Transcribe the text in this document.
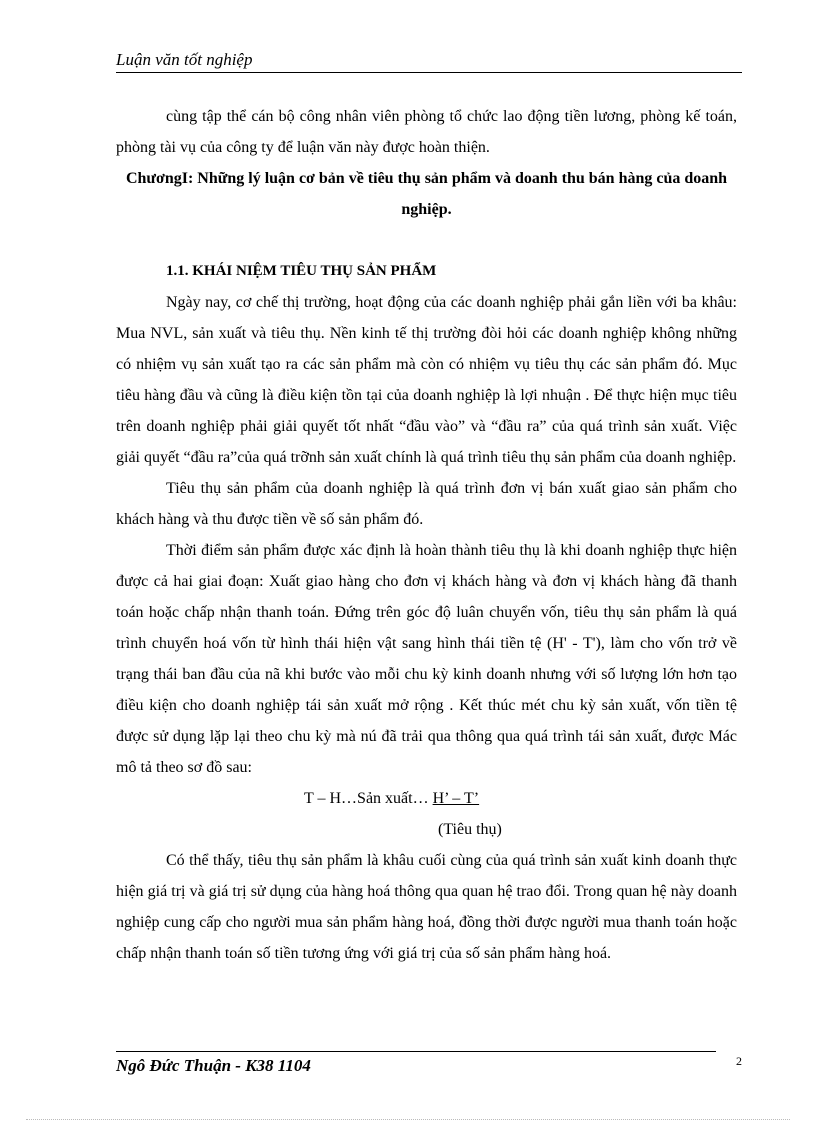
Luận văn tốt nghiệp

cùng tập thể cán bộ công nhân viên phòng tổ chức lao động tiền lương, phòng kế toán, phòng tài vụ của công ty để luận văn này được hoàn thiện.

ChươngI: Những lý luận cơ bản về tiêu thụ sản phẩm và doanh thu bán hàng của doanh nghiệp.

1.1. KHÁI NIỆM TIÊU THỤ SẢN PHẨM

Ngày nay, cơ chế thị trường, hoạt động của các doanh nghiệp phải gắn liền với ba khâu: Mua NVL, sản xuất và tiêu thụ. Nền kinh tế thị trường đòi hỏi các doanh nghiệp không những có nhiệm vụ sản xuất tạo ra các sản phẩm mà còn có nhiệm vụ tiêu thụ các sản phẩm đó. Mục tiêu hàng đầu và cũng là điều kiện tồn tại của doanh nghiệp là lợi nhuận . Để thực hiện mục tiêu trên doanh nghiệp phải giải quyết tốt nhất “đầu vào” và “đầu ra” của quá trình sản xuất. Việc giải quyết “đầu ra”của quá trỡnh sản xuất chính là quá trình tiêu thụ sản phẩm của doanh nghiệp.

Tiêu thụ sản phẩm của doanh nghiệp là quá trình đơn vị bán xuất giao sản phẩm cho khách hàng và thu được tiền về số sản phẩm đó.

Thời điểm sản phẩm được xác định là hoàn thành tiêu thụ là khi doanh nghiệp thực hiện được cả hai giai đoạn: Xuất giao hàng cho đơn vị khách hàng và đơn vị khách hàng đã thanh toán hoặc chấp nhận thanh toán. Đứng trên góc độ luân chuyển vốn, tiêu thụ sản phẩm là quá trình chuyển hoá vốn từ hình thái hiện vật sang hình thái tiền tệ (H' - T'), làm cho vốn trở về trạng thái ban đầu của nã khi bước vào mỗi chu kỳ kinh doanh nhưng với số lượng lớn hơn tạo điều kiện cho doanh nghiệp tái sản xuất mở rộng . Kết thúc mét chu kỳ sản xuất, vốn tiền tệ được sử dụng lặp lại theo chu kỳ mà nú đã trải qua thông qua quá trình tái sản xuất, được Mác mô tả theo sơ đồ sau:

T – H…Sản xuất… H’ – T’

(Tiêu thụ)

Có thể thấy, tiêu thụ sản phẩm là khâu cuối cùng của quá trình sản xuất kinh doanh thực hiện giá trị và giá trị sử dụng của hàng hoá thông qua quan hệ trao đổi. Trong quan hệ này doanh nghiệp cung cấp cho người mua sản phẩm hàng hoá, đồng thời được người mua thanh toán hoặc chấp nhận thanh toán số tiền tương ứng với giá trị của số sản phẩm hàng hoá.

Ngô Đức Thuận - K38 1104	2
